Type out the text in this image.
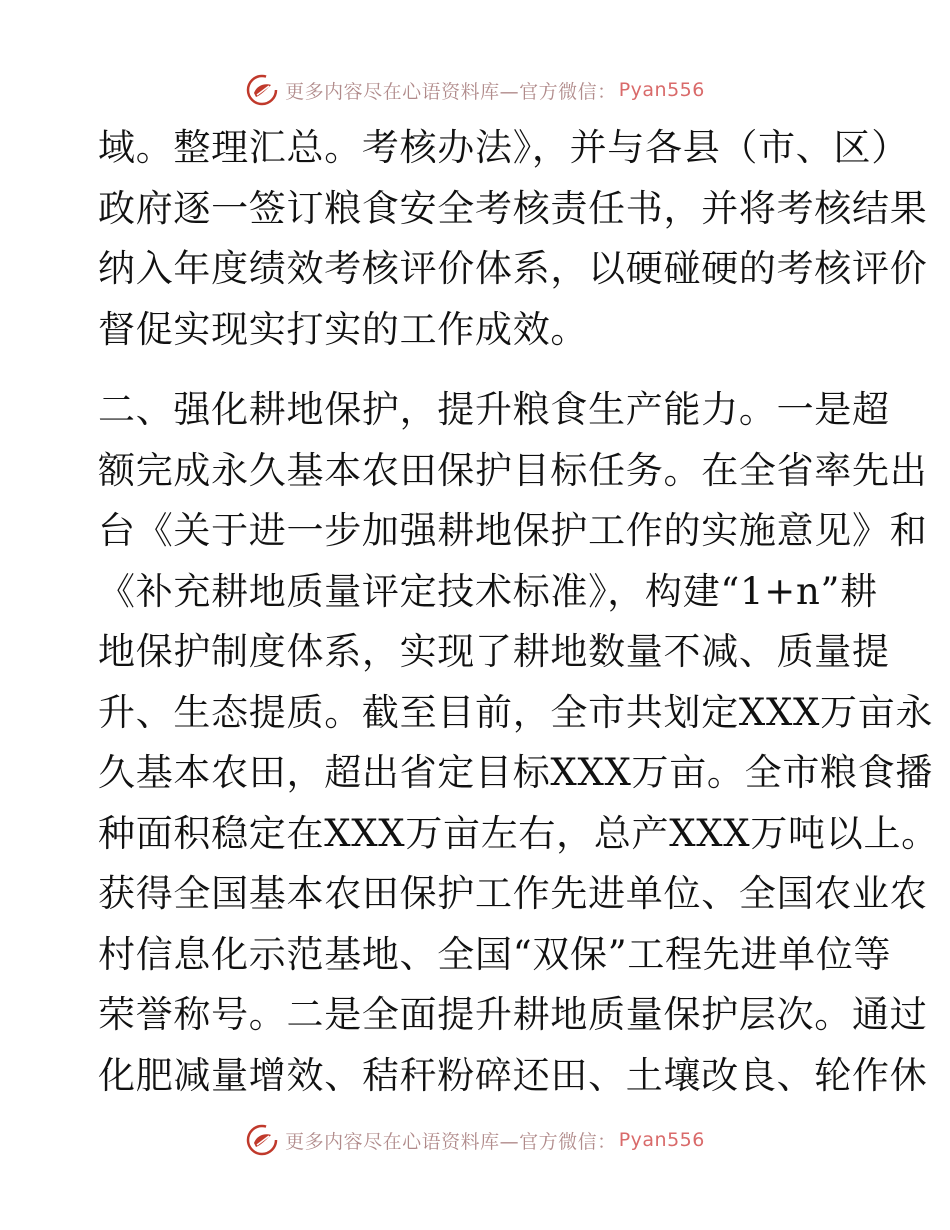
更多内容尽在心语资料库 —官方微信： Pyan556
域。整理汇总。考核办法》，并与各县（市、区）
政府逐一签订粮食安全考核责任书，并将考核结果
纳入年度绩效考核评价体系，以硬碰硬的考核评价
督促实现实打实的工作成效。
二、强化耕地保护，提升粮食生产能力。一是超
额完成永久基本农田保护目标任务。在全省率先出
台《关于进一步加强耕地保护工作的实施意见》和
《补充耕地质量评定技术标准》，构建“1+n”耕
地保护制度体系，实现了耕地数量不减、质量提
升、生态提质。截至目前，全市共划定XXX万亩永
久基本农田，超出省定目标XXX万亩。全市粮食播
种面积稳定在XXX万亩左右，总产XXX万吨以上。
获得全国基本农田保护工作先进单位、全国农业农
村信息化示范基地、全国“双保”工程先进单位等
荣誉称号。二是全面提升耕地质量保护层次。通过
化肥减量增效、秸秆粉碎还田、土壤改良、轮作休
更多内容尽在心语资料库 —官方微信： Pyan556
